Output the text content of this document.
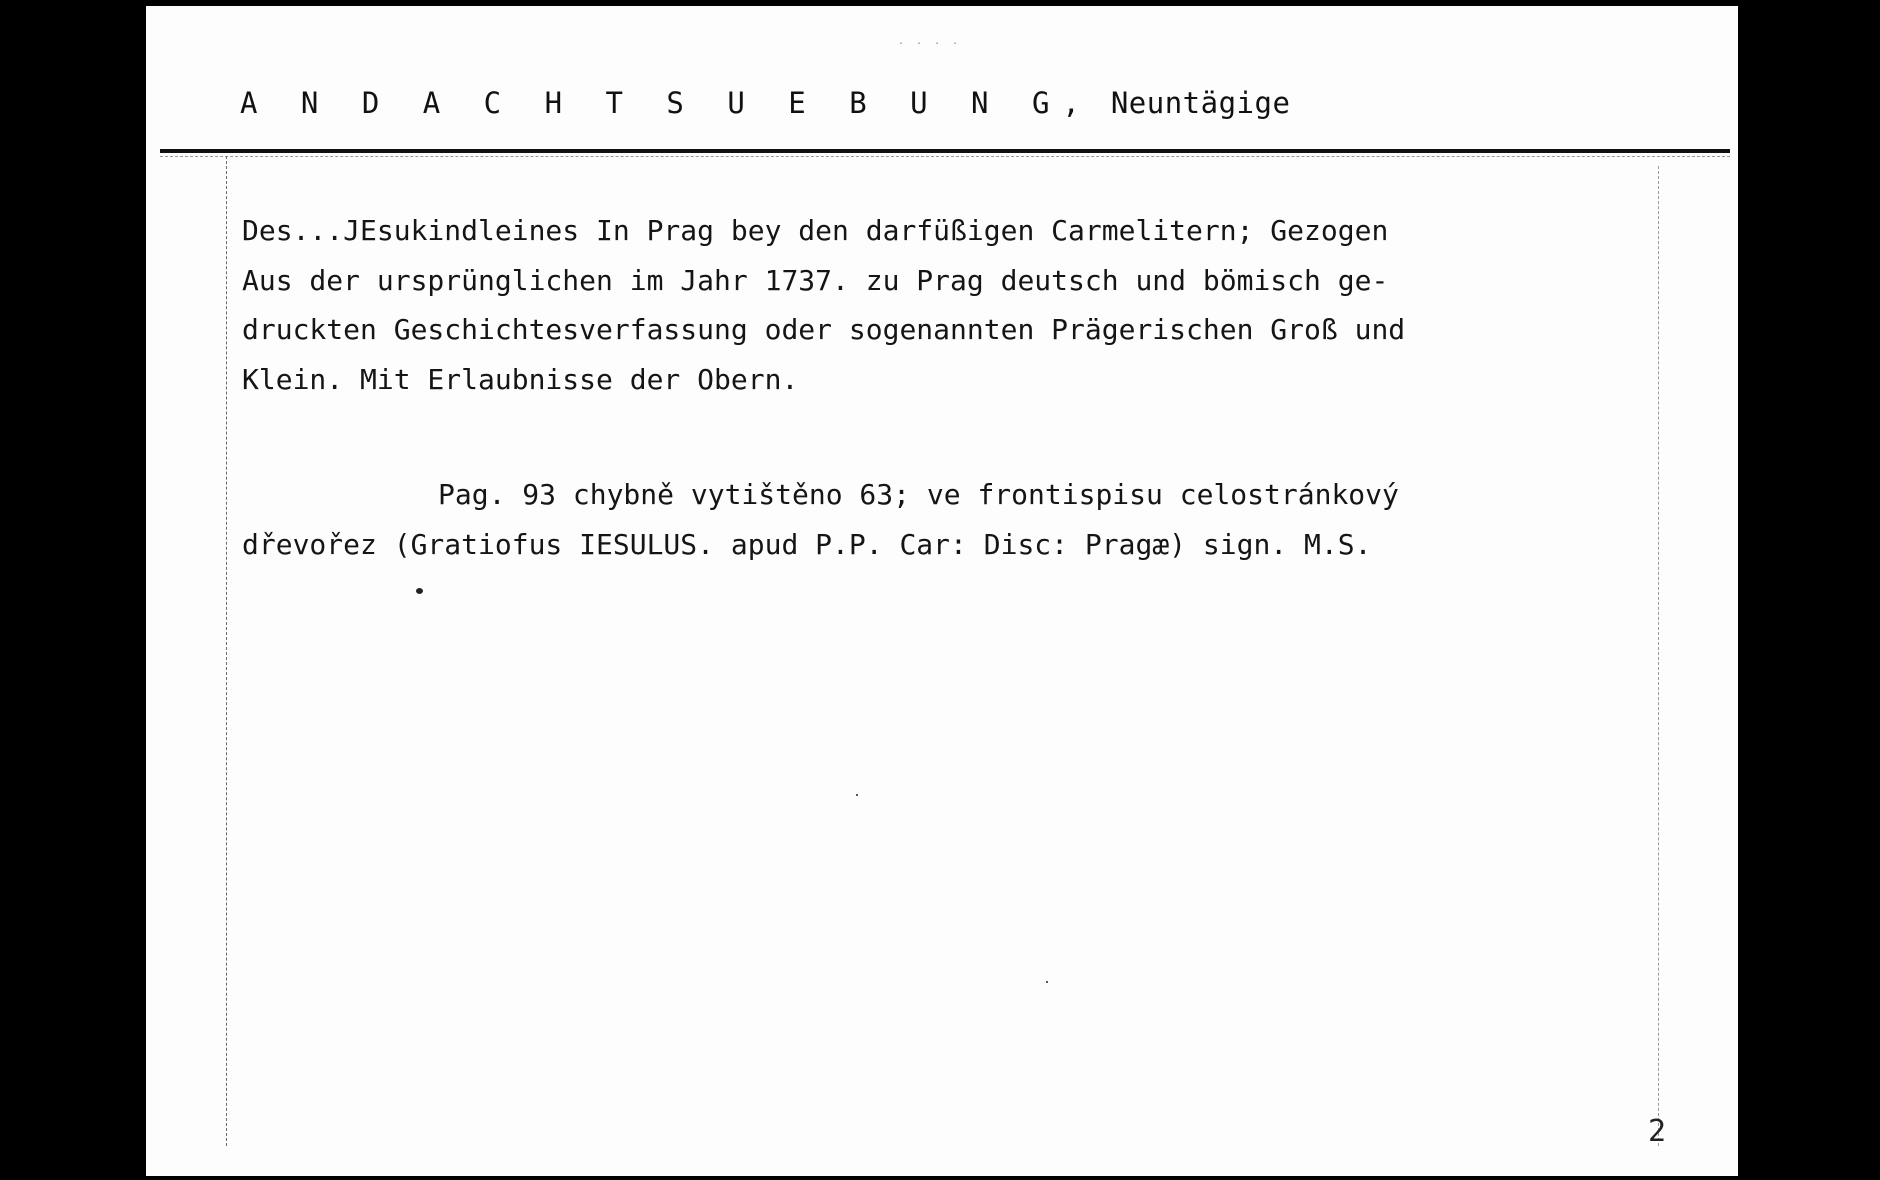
. . . .
A N D A C H T S U E B U N G, Neuntägige
Des...JEsukindleines In Prag bey den darfüßigen Carmelitern; Gezogen
Aus der ursprünglichen im Jahr 1737. zu Prag deutsch und bömisch ge-
druckten Geschichtesverfassung oder sogenannten Prägerischen Groß und
Klein. Mit Erlaubnisse der Obern.
Pag. 93 chybně vytištěno 63; ve frontispisu celostránkový
dřevořez (Gratiofus IESULUS. apud P.P. Car: Disc: Pragæ) sign. M.S.
2
